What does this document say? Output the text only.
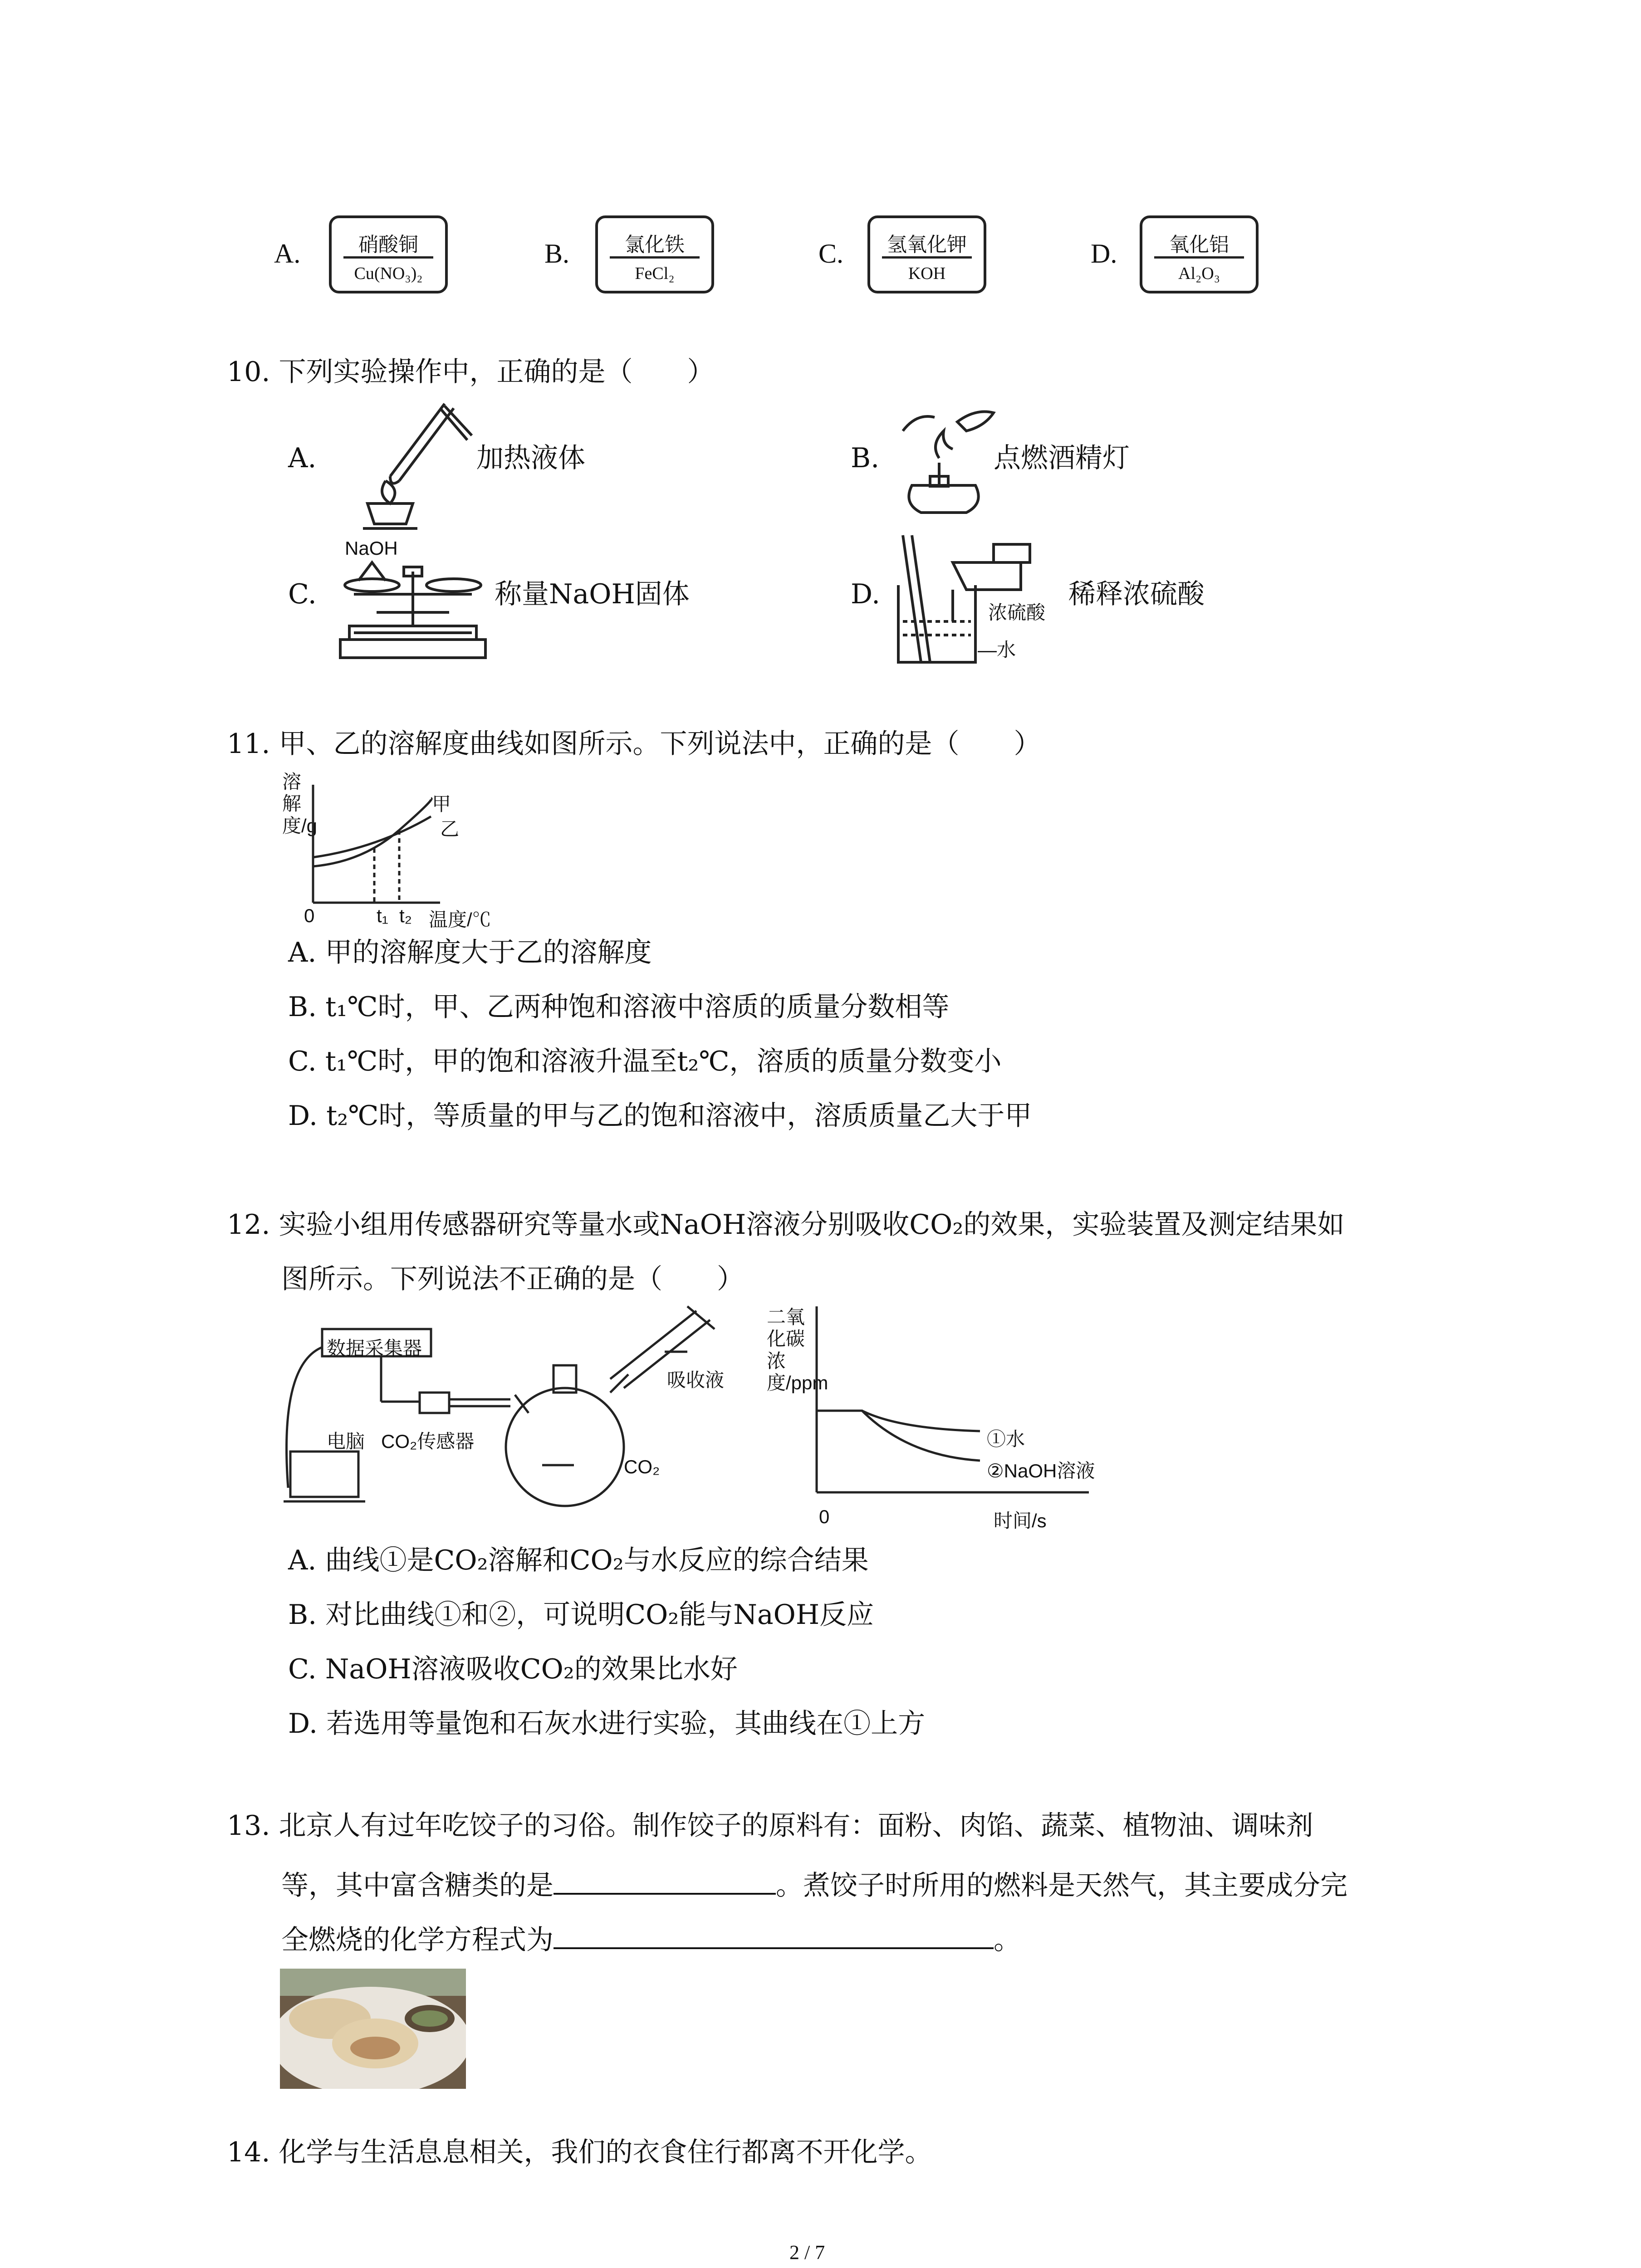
A.	硝酸铜
Cu(NO₃)₂
B.	氯化铁
FeCl₂
C.	氢氧化钾
KOH
D.	氧化铝
Al₂O₃
10. 下列实验操作中，正确的是（　　）
A.	加热液体	B.	点燃酒精灯
C.
NaOH
称量NaOH固体	D.
浓硫酸
—水
稀释浓硫酸
11. 甲、乙的溶解度曲线如图所示。下列说法中，正确的是（　　）
溶解度/g
甲
乙
0	t₁ t₂ 温度/℃
A. 甲的溶解度大于乙的溶解度
B. t₁℃时，甲、乙两种饱和溶液中溶质的质量分数相等
C. t₁℃时，甲的饱和溶液升温至t₂℃，溶质的质量分数变小
D. t₂℃时，等质量的甲与乙的饱和溶液中，溶质质量乙大于甲
12. 实验小组用传感器研究等量水或NaOH溶液分别吸收CO₂的效果，实验装置及测定结果如
图所示。下列说法不正确的是（　　）
数据采集器
电脑 CO₂传感器
吸收液
CO₂
二氧化碳浓度/ppm
0
①水
②NaOH溶液
时间/s
A. 曲线①是CO₂溶解和CO₂与水反应的综合结果
B. 对比曲线①和②，可说明CO₂能与NaOH反应
C. NaOH溶液吸收CO₂的效果比水好
D. 若选用等量饱和石灰水进行实验，其曲线在①上方
13. 北京人有过年吃饺子的习俗。制作饺子的原料有：面粉、肉馅、蔬菜、植物油、调味剂
等，其中富含糖类的是	。煮饺子时所用的燃料是天然气，其主要成分完
全燃烧的化学方程式为	。
14. 化学与生活息息相关，我们的衣食住行都离不开化学。
2 / 7
